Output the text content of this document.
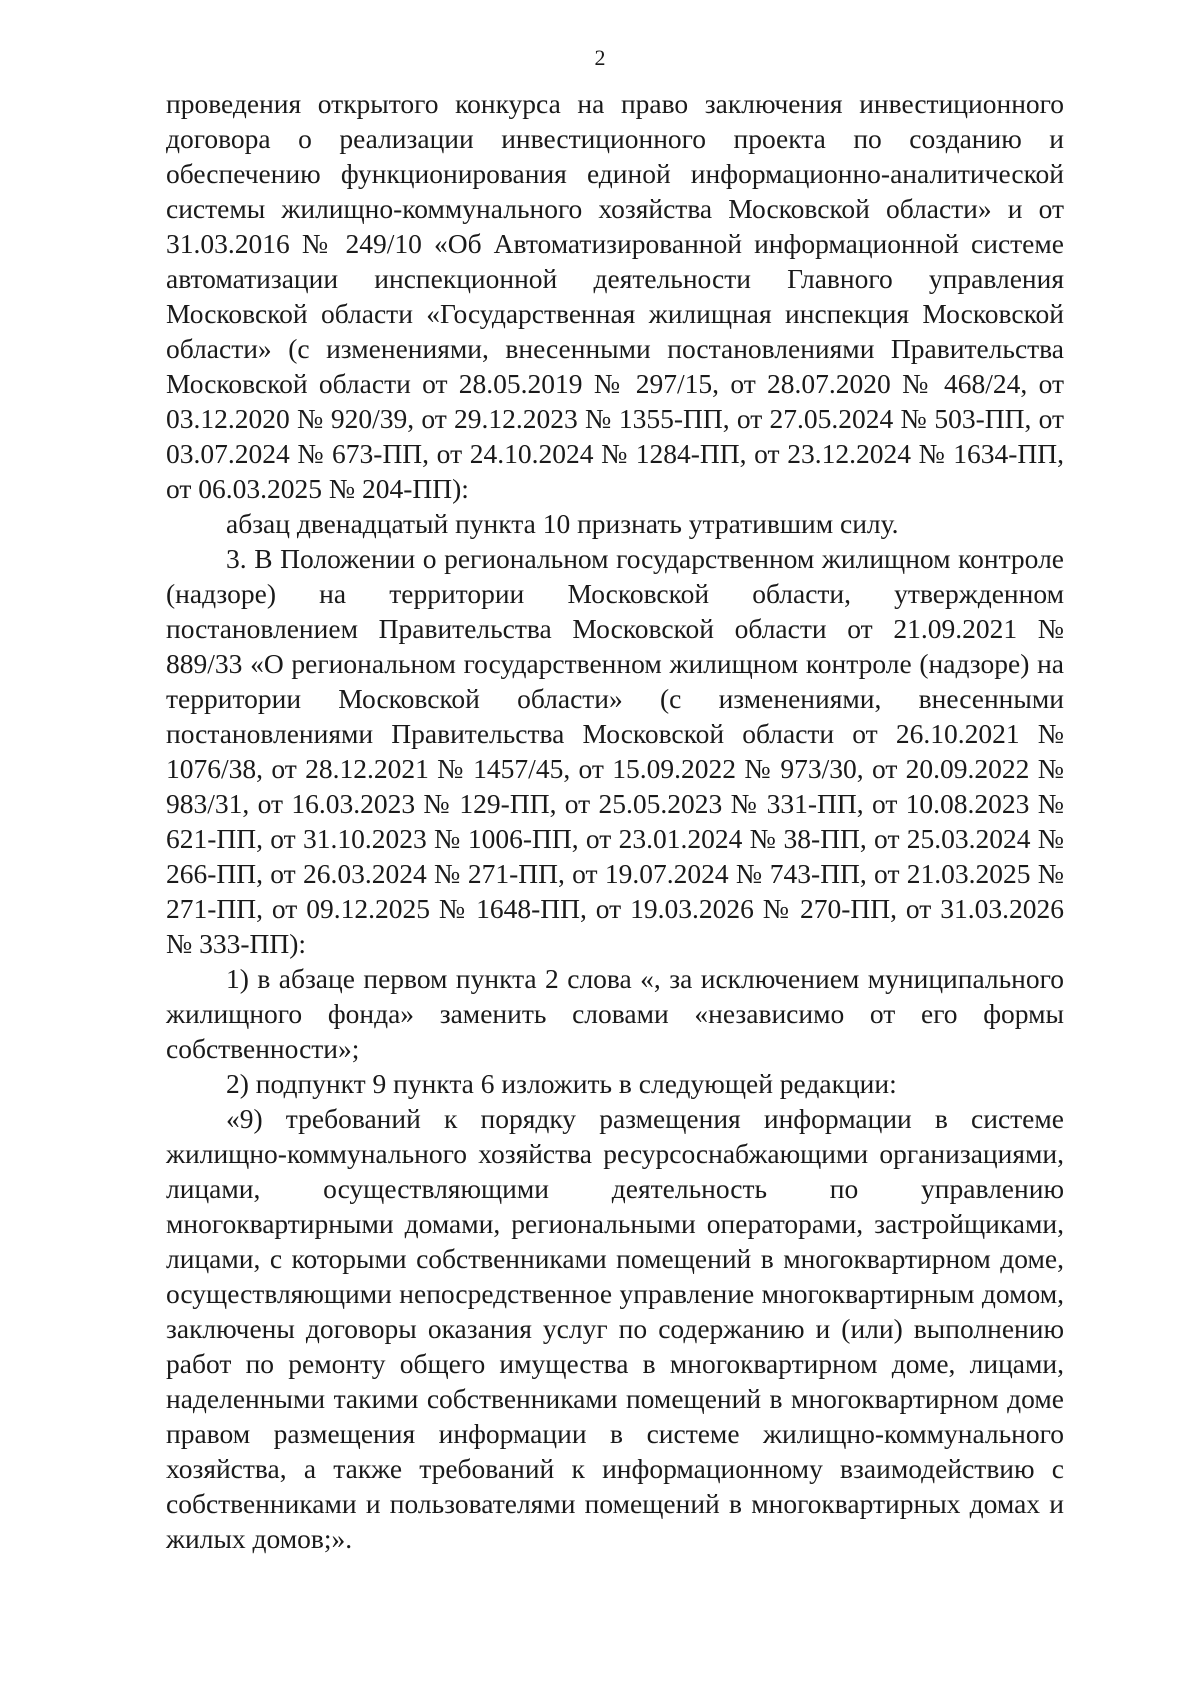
2

проведения открытого конкурса на право заключения инвестиционного договора о реализации инвестиционного проекта по созданию и обеспечению функционирования единой информационно-аналитической системы жилищно-коммунального хозяйства Московской области» и от 31.03.2016 № 249/10 «Об Автоматизированной информационной системе автоматизации инспекционной деятельности Главного управления Московской области «Государственная жилищная инспекция Московской области» (с изменениями, внесенными постановлениями Правительства Московской области от 28.05.2019 № 297/15, от 28.07.2020 № 468/24, от 03.12.2020 № 920/39, от 29.12.2023 № 1355-ПП, от 27.05.2024 № 503-ПП, от 03.07.2024 № 673-ПП, от 24.10.2024 № 1284-ПП, от 23.12.2024 № 1634-ПП, от 06.03.2025 № 204-ПП):

абзац двенадцатый пункта 10 признать утратившим силу.

3. В Положении о региональном государственном жилищном контроле (надзоре) на территории Московской области, утвержденном постановлением Правительства Московской области от 21.09.2021 № 889/33 «О региональном государственном жилищном контроле (надзоре) на территории Московской области» (с изменениями, внесенными постановлениями Правительства Московской области от 26.10.2021 № 1076/38, от 28.12.2021 № 1457/45, от 15.09.2022 № 973/30, от 20.09.2022 № 983/31, от 16.03.2023 № 129-ПП, от 25.05.2023 № 331-ПП, от 10.08.2023 № 621-ПП, от 31.10.2023 № 1006-ПП, от 23.01.2024 № 38-ПП, от 25.03.2024 № 266-ПП, от 26.03.2024 № 271-ПП, от 19.07.2024 № 743-ПП, от 21.03.2025 № 271-ПП, от 09.12.2025 № 1648-ПП, от 19.03.2026 № 270-ПП, от 31.03.2026 № 333-ПП):

1) в абзаце первом пункта 2 слова «, за исключением муниципального жилищного фонда» заменить словами «независимо от его формы собственности»;

2) подпункт 9 пункта 6 изложить в следующей редакции:

«9) требований к порядку размещения информации в системе жилищно-коммунального хозяйства ресурсоснабжающими организациями, лицами, осуществляющими деятельность по управлению многоквартирными домами, региональными операторами, застройщиками, лицами, с которыми собственниками помещений в многоквартирном доме, осуществляющими непосредственное управление многоквартирным домом, заключены договоры оказания услуг по содержанию и (или) выполнению работ по ремонту общего имущества в многоквартирном доме, лицами, наделенными такими собственниками помещений в многоквартирном доме правом размещения информации в системе жилищно-коммунального хозяйства, а также требований к информационному взаимодействию с собственниками и пользователями помещений в многоквартирных домах и жилых домов;».
